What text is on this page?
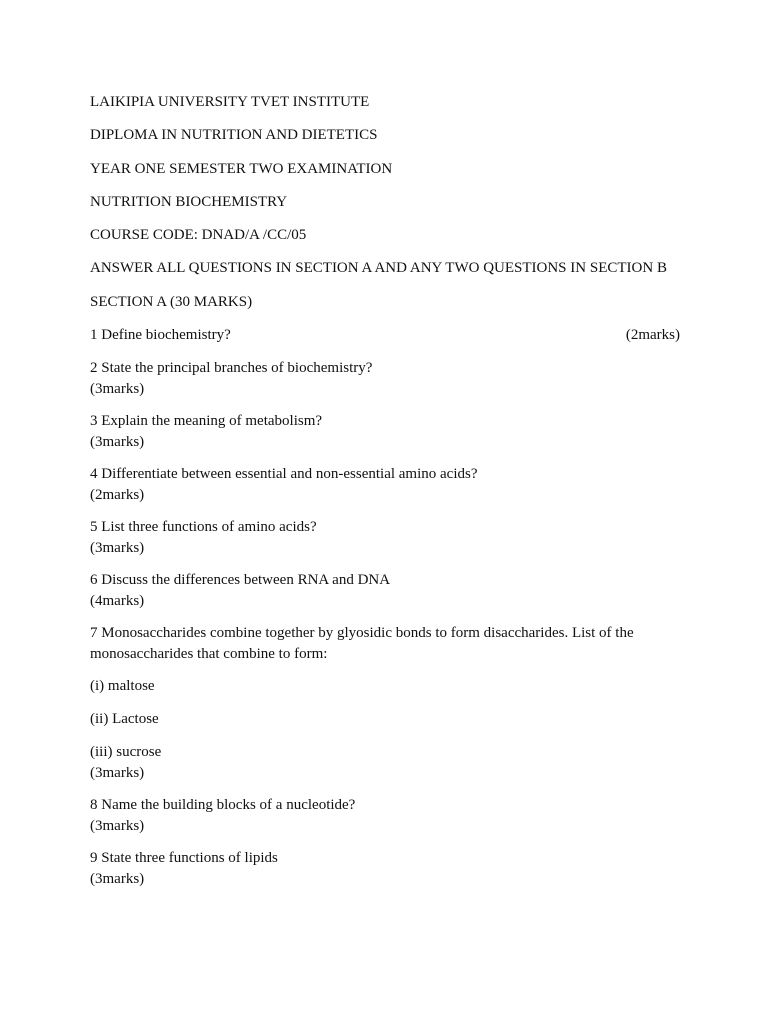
LAIKIPIA UNIVERSITY TVET INSTITUTE
DIPLOMA IN NUTRITION AND DIETETICS
YEAR ONE SEMESTER TWO EXAMINATION
NUTRITION BIOCHEMISTRY
COURSE CODE: DNAD/A /CC/05
ANSWER ALL QUESTIONS IN SECTION A AND ANY TWO QUESTIONS IN SECTION B
SECTION A (30 MARKS)
1 Define biochemistry?	(2marks)
2 State the principal branches of biochemistry?
(3marks)
3 Explain the meaning of metabolism?
(3marks)
4 Differentiate between essential and non-essential amino acids?
(2marks)
5 List three functions of amino acids?
(3marks)
6 Discuss the differences between RNA and DNA
(4marks)
7 Monosaccharides combine together by glyosidic bonds to form disaccharides. List of the monosaccharides that combine to form:
(i) maltose
(ii) Lactose
(iii) sucrose
(3marks)
8 Name the building blocks of a nucleotide?
(3marks)
9 State three functions of lipids
(3marks)
